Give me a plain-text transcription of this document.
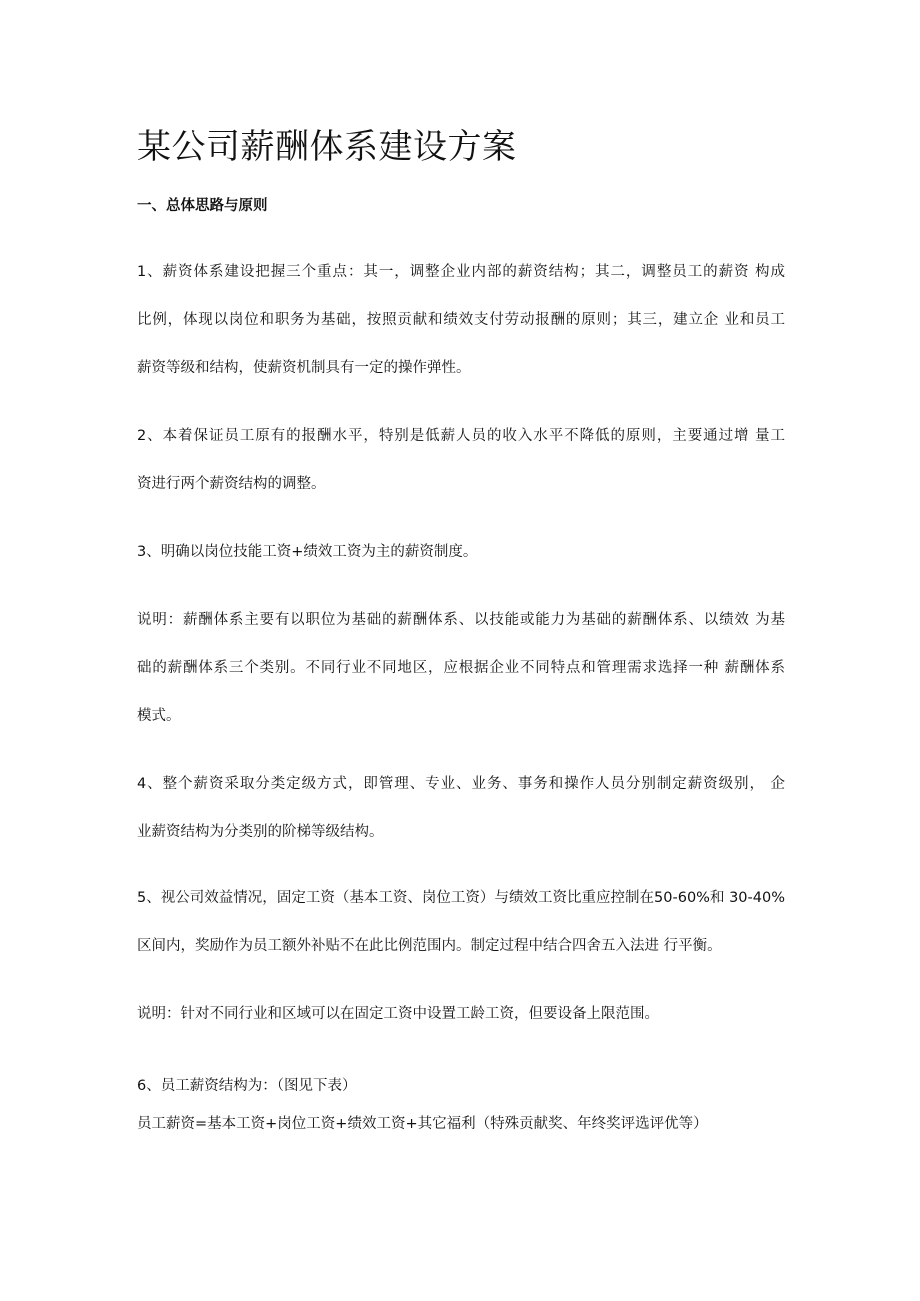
某公司薪酬体系建设方案
一、总体思路与原则
1、薪资体系建设把握三个重点：其一，调整企业内部的薪资结构；其二，调整员工的薪资 构成
比例，体现以岗位和职务为基础，按照贡献和绩效支付劳动报酬的原则；其三，建立企 业和员工
薪资等级和结构，使薪资机制具有一定的操作弹性。
2、本着保证员工原有的报酬水平，特别是低薪人员的收入水平不降低的原则，主要通过增 量工
资进行两个薪资结构的调整。
3、明确以岗位技能工资+绩效工资为主的薪资制度。
说明：薪酬体系主要有以职位为基础的薪酬体系、以技能或能力为基础的薪酬体系、以绩效 为基
础的薪酬体系三个类别。不同行业不同地区，应根据企业不同特点和管理需求选择一种 薪酬体系
模式。
4、整个薪资采取分类定级方式，即管理、专业、业务、事务和操作人员分别制定薪资级别， 企
业薪资结构为分类别的阶梯等级结构。
5、视公司效益情况，固定工资（基本工资、岗位工资）与绩效工资比重应控制在50-60%和 30-40%
区间内，奖励作为员工额外补贴不在此比例范围内。制定过程中结合四舍五入法进 行平衡。
说明：针对不同行业和区域可以在固定工资中设置工龄工资，但要设备上限范围。
6、员工薪资结构为：（图见下表）
员工薪资=基本工资+岗位工资+绩效工资+其它福利（特殊贡献奖、年终奖评选评优等）
